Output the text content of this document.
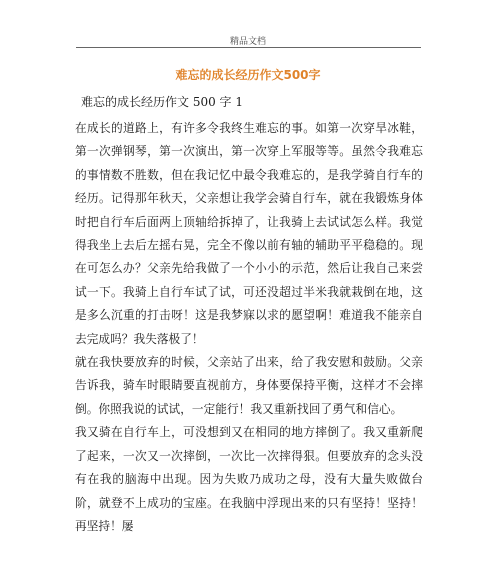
精品文档
难忘的成长经历作文500字
难忘的成长经历作文 500 字 1

在成长的道路上，有许多令我终生难忘的事。如第一次穿旱冰鞋，第一次弹钢琴，第一次演出，第一次穿上军服等等。虽然令我难忘的事情数不胜数，但在我记忆中最令我难忘的，是我学骑自行车的经历。记得那年秋天，父亲想让我学会骑自行车，就在我锻炼身体时把自行车后面两上顶轴给拆掉了，让我骑上去试试怎么样。我觉得我坐上去后左摇右晃，完全不像以前有轴的辅助平平稳稳的。现在可怎么办？父亲先给我做了一个小小的示范，然后让我自己来尝试一下。我骑上自行车试了试，可还没超过半米我就栽倒在地，这是多么沉重的打击呀！这是我梦寐以求的愿望啊！难道我不能亲自去完成吗？我失落极了！

就在我快要放弃的时候，父亲站了出来，给了我安慰和鼓励。父亲告诉我，骑车时眼睛要直视前方，身体要保持平衡，这样才不会摔倒。你照我说的试试，一定能行！我又重新找回了勇气和信心。

我又骑在自行车上，可没想到又在相同的地方摔倒了。我又重新爬了起来，一次又一次摔倒，一次比一次摔得狠。但要放弃的念头没有在我的脑海中出现。因为失败乃成功之母，没有大量失败做台阶，就登不上成功的宝座。在我脑中浮现出来的只有坚持！坚持！再坚持！屡
